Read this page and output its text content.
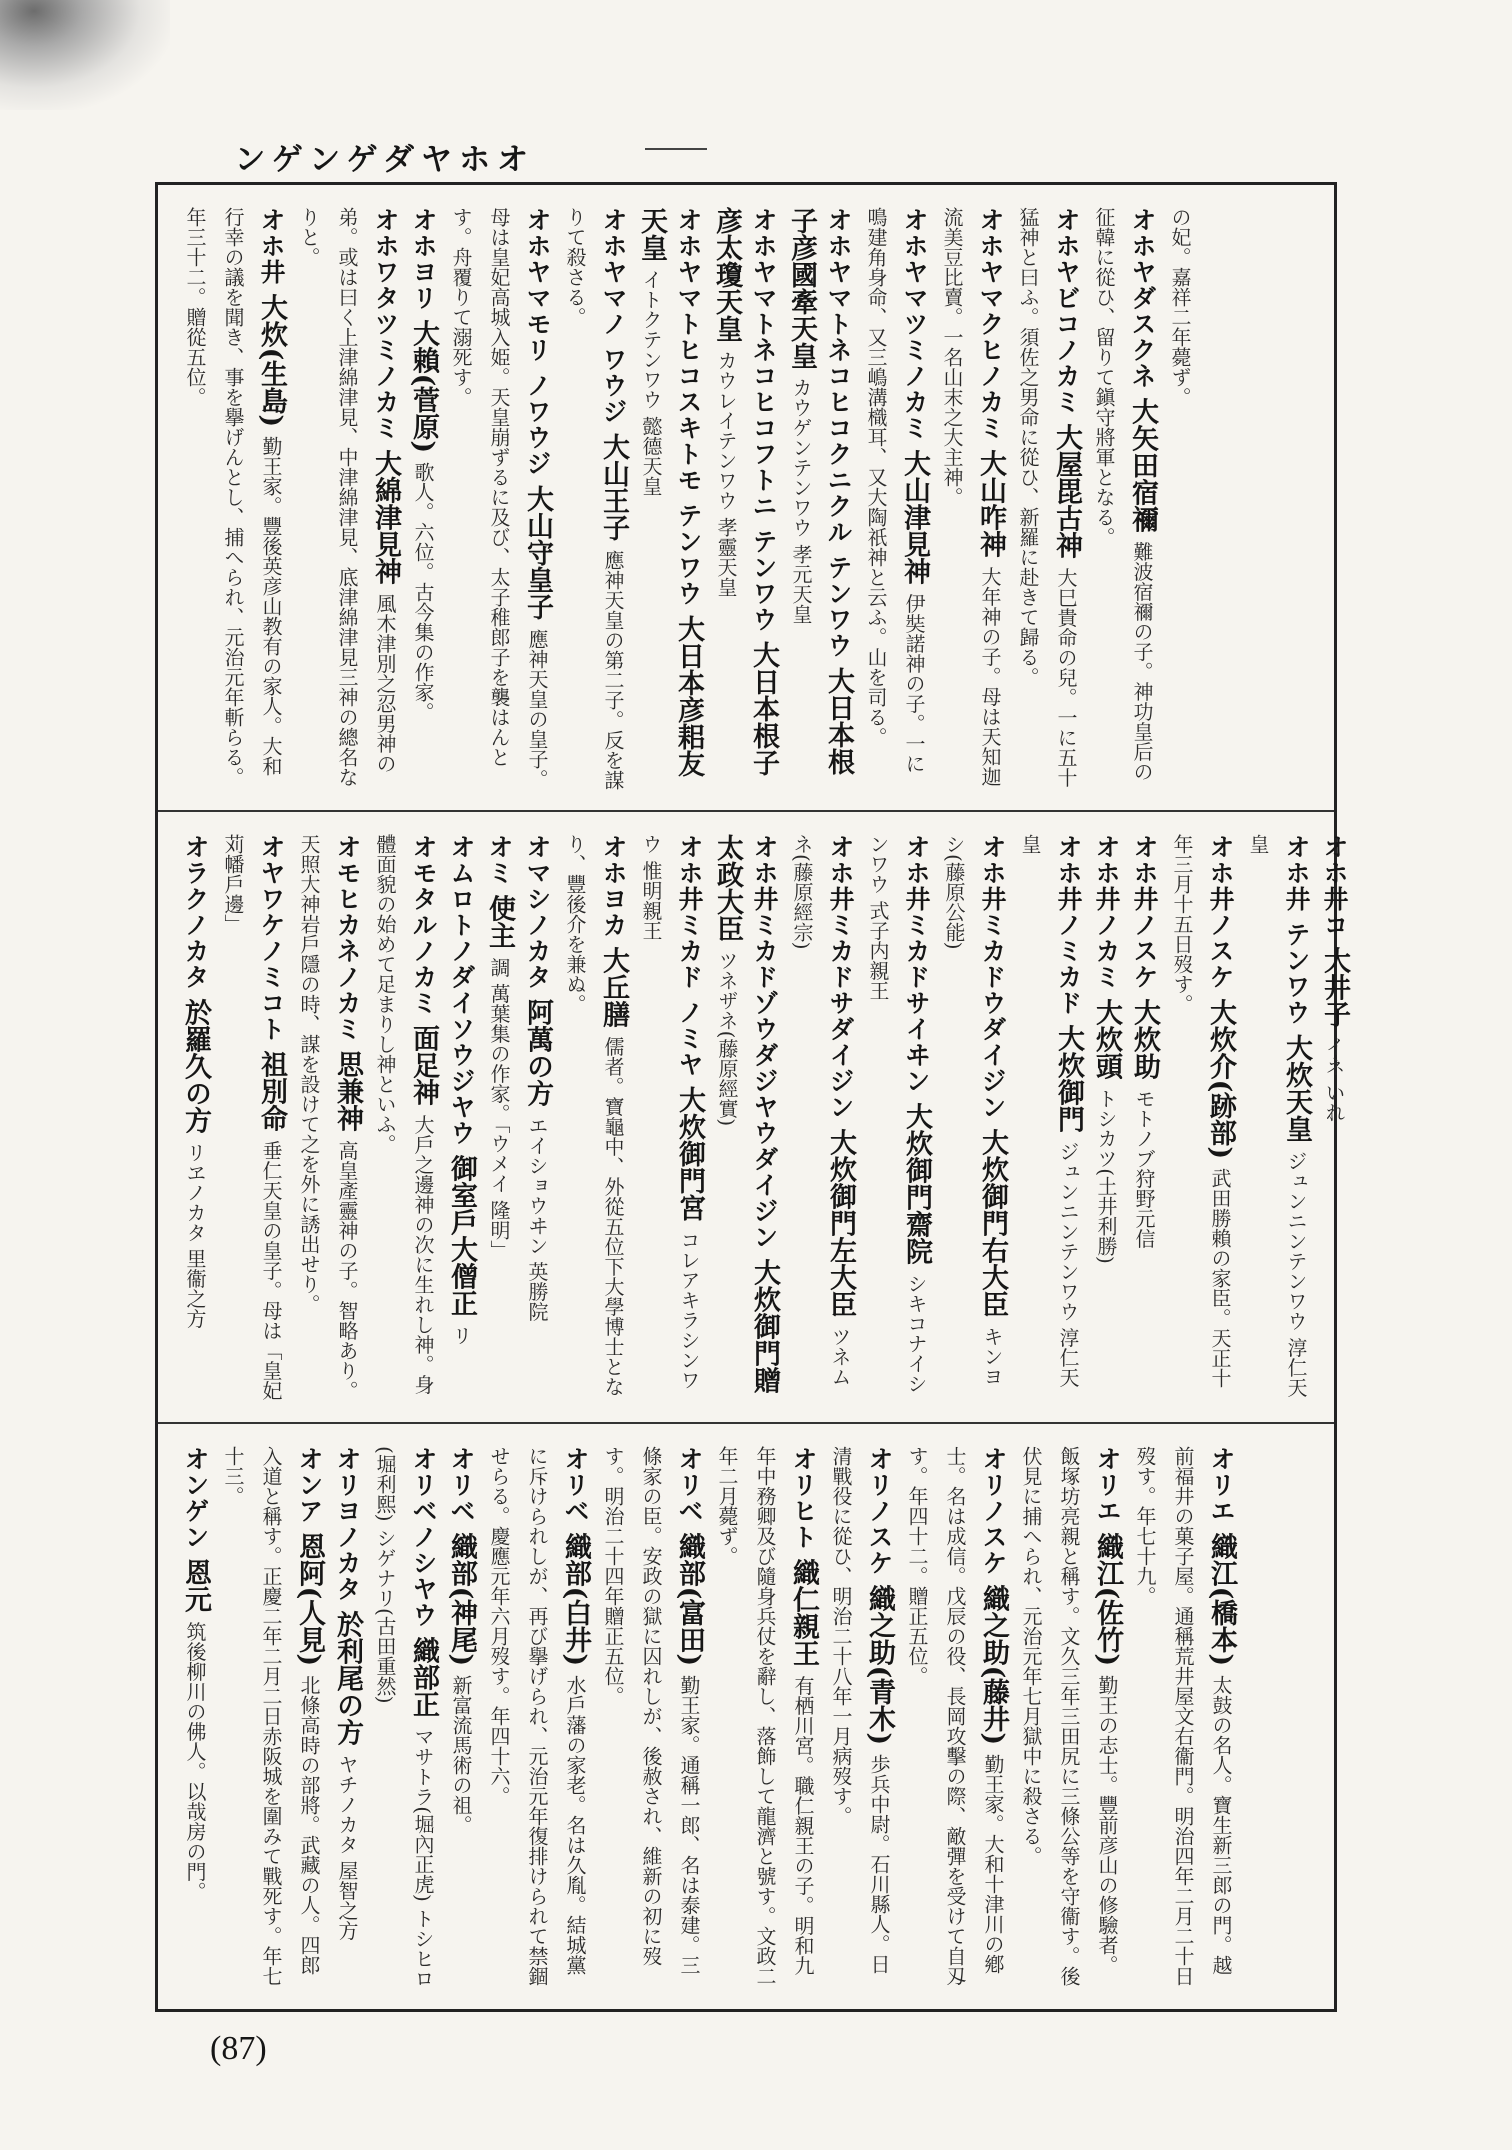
オホヤダゲンゲン

の妃。嘉祥二年薨ず。

オホヤダスクネ 大矢田宿禰 難波宿禰の子。神功皇后の征韓に從ひ、留りて鎭守將軍となる。

オホヤビコノカミ 大屋毘古神 大巳貴命の兒。一に五十猛神と曰ふ。須佐之男命に從ひ、新羅に赴きて歸る。

オホヤマクヒノカミ 大山咋神 大年神の子。母は天知迦流美豆比賣。一名山末之大主神。

オホヤマツミノカミ 大山津見神 伊奘諾神の子。一に鳴建角身命、又三嶋溝樴耳、又大陶祇神と云ふ。山を司る。

オホヤマトネコヒコクニクル テンワウ 大日本根子彦國牽天皇 カウゲンテンワウ 孝元天皇

オホヤマトネコヒコフトニ テンワウ 大日本根子彦太瓊天皇 カウレイテンワウ 孝靈天皇

オホヤマトヒコスキトモ テンワウ 大日本彦耜友天皇 イトクテンワウ 懿德天皇

オホヤマノ ワウジ 大山王子 應神天皇の第二子。反を謀りて殺さる。

オホヤマモリ ノワウジ 大山守皇子 應神天皇の皇子。母は皇妃高城入姫。天皇崩ずるに及び、太子稚郎子を襲はんとす。舟覆りて溺死す。

オホヨリ 大賴(菅原) 歌人。六位。古今集の作家。

オホワタツミノカミ 大綿津見神 風木津別之忍男神の弟。或は曰く上津綿津見、中津綿津見、底津綿津見三神の總名なりと。

オホ井 大炊(生島) 勤王家。豐後英彦山教有の家人。大和行幸の議を聞き、事を擧げんとし、捕へられ、元治元年斬らる。年三十二。贈從五位。

オホ井コ 大井子 イネ いれ

オホ井 テンワウ 大炊天皇 ジュンニンテンワウ 淳仁天皇

オホ井ノスケ 大炊介(跡部) 武田勝賴の家臣。天正十年三月十五日歿す。

オホ井ノスケ 大炊助 モトノブ狩野元信

オホ井ノカミ 大炊頭 トシカツ(土井利勝)

オホ井ノミカド 大炊御門 ジュンニンテンワウ 淳仁天皇

オホ井ミカドウダイジン 大炊御門右大臣 キンヨシ(藤原公能)

オホ井ミカドサイヰン 大炊御門齋院 シキコナイシンワウ 式子内親王

オホ井ミカドサダイジン 大炊御門左大臣 ツネムネ(藤原經宗)

オホ井ミカドゾウダジヤウダイジン 大炊御門贈太政大臣 ツネザネ(藤原經實)

オホ井ミカド ノミヤ 大炊御門宮 コレアキラシンワウ 惟明親王

オホヨカ 大丘膳 儒者。寶龜中、外從五位下大學博士となり、豐後介を兼ぬ。

オマシノカタ 阿萬の方 エイショウヰン 英勝院

オミ 使主 調 萬葉集の作家。「ウメイ 隆明」

オムロトノダイソウジヤウ 御室戶大僧正 リ

オモタルノカミ 面足神 大戶之邊神の次に生れし神。身體面貌の始めて足まりし神といふ。

オモヒカネノカミ 思兼神 高皇產靈神の子。智略あり。天照大神岩戶隱の時、謀を設けて之を外に誘出せり。

オヤワケノミコト 祖別命 垂仁天皇の皇子。母は「皇妃苅幡戶邊」

オラクノカタ 於羅久の方 リヱノカタ 里衞之方

オリエ 織江(橋本) 太鼓の名人。寶生新三郎の門。越前福井の菓子屋。通稱荒井屋文右衞門。明治四年二月二十日歿す。年七十九。

オリエ 織江(佐竹) 勤王の志士。豐前彦山の修驗者。飯塚坊亮親と稱す。文久三年三田尻に三條公等を守衞す。後伏見に捕へられ、元治元年七月獄中に殺さる。

オリノスケ 織之助(藤井) 勤王家。大和十津川の鄕士。名は成信。戊辰の役、長岡攻擊の際、敵彈を受けて自刄す。年四十二。贈正五位。

オリノスケ 織之助(青木) 歩兵中尉。石川縣人。日清戰役に從ひ、明治二十八年一月病歿す。

オリヒト 織仁親王 有栖川宮。職仁親王の子。明和九年中務卿及び隨身兵仗を辭し、落飾して龍濟と號す。文政二年二月薨ず。

オリベ 織部(富田) 勤王家。通稱一郎、名は泰建。三條家の臣。安政の獄に囚れしが、後赦され、維新の初に歿す。明治二十四年贈正五位。

オリベ 織部(白井) 水戶藩の家老。名は久胤。結城黨に斥けられしが、再び擧げられ、元治元年復排けられて禁錮せらる。慶應元年六月歿す。年四十六。

オリベ 織部(神尾) 新富流馬術の祖。

オリベノシヤウ 織部正 マサトラ(堀內正虎) トシヒロ(堀利熙) シゲナリ(古田重然)

オリヨノカタ 於利尾の方 ヤチノカタ 屋智之方

オンア 恩阿(人見) 北條高時の部將。武藏の人。四郎入道と稱す。正慶二年二月二日赤阪城を圍みて戰死す。年七十三。

オンゲン 恩元 筑後柳川の佛人。以哉房の門。

(87)
